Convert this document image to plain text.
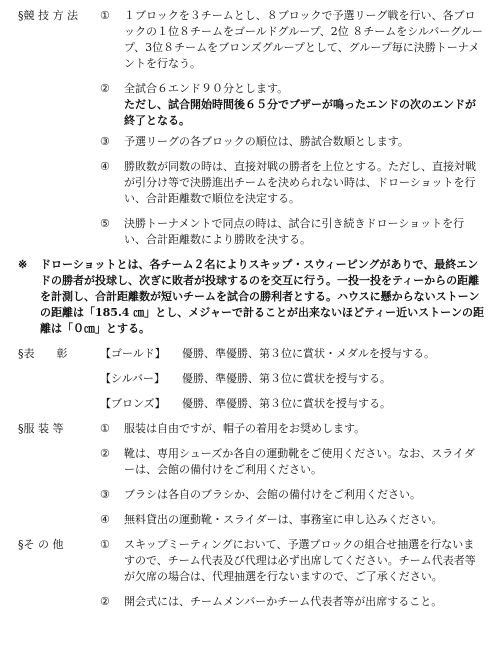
§競 技 方 法	①	１ブロックを３チームとし、８ブロックで予選リーグ戦を行い、各ブロックの１位８チームをゴールドグループ、2位 ８チームをシルバーグループ、3位８チームをブロンズグループとして、グループ毎に決勝トーナメントを行なう。
②	全試合６エンド９０分とします。
ただし、試合開始時間後６５分でブザーが鳴ったエンドの次のエンドが終了となる。
③	予選リーグの各ブロックの順位は、勝試合数順とします。
④	勝敗数が同数の時は、直接対戦の勝者を上位とする。ただし、直接対戦が引分け等で決勝進出チームを決められない時は、ドローショットを行い、合計距離数で順位を決定する。
⑤	決勝トーナメントで同点の時は、試合に引き続きドローショットを行い、合計距離数により勝敗を決する。
※	ドローショットとは、各チーム２名によりスキップ・スウィーピングがありで、最終エンドの勝者が投球し、次ぎに敗者が投球するのを交互に行う。一投一投をティーからの距離を計測し、合計距離数が短いチームを試合の勝利者とする。ハウスに懸からないストーンの距離は「185.4 ㎝」とし、メジャーで計ることが出来ないほどティー近いストーンの距離は「０㎝」とする。
§表　　彰	【ゴールド】	優勝、準優勝、第３位に賞状・メダルを授与する。
【シルバー】	優勝、準優勝、第３位に賞状を授与する。
【ブロンズ】	優勝、準優勝、第３位に賞状を授与する。
§服 装 等	①	服装は自由ですが、帽子の着用をお奨めします。
②	靴は、専用シューズか各自の運動靴をご使用ください。なお、スライダーは、会館の備付けをご利用ください。
③	ブラシは各自のブラシか、会館の備付けをご利用ください。
④	無料貸出の運動靴・スライダーは、事務室に申し込みください。
§そ の 他	①	スキップミーティングにおいて、予選ブロックの組合せ抽選を行ないますので、チーム代表及び代理は必ず出席してください。チーム代表者等が欠席の場合は、代理抽選を行ないますので、ご了承ください。
②	開会式には、チームメンバーかチーム代表者等が出席すること。
